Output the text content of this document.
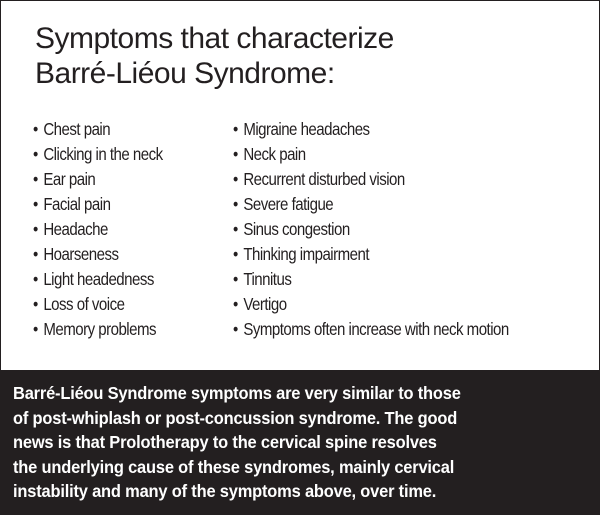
Symptoms that characterize
Barré-Liéou Syndrome:
• Chest pain
• Clicking in the neck
• Ear pain
• Facial pain
• Headache
• Hoarseness
• Light headedness
• Loss of voice
• Memory problems
• Migraine headaches
• Neck pain
• Recurrent disturbed vision
• Severe fatigue
• Sinus congestion
• Thinking impairment
• Tinnitus
• Vertigo
• Symptoms often increase with neck motion

Barré-Liéou Syndrome symptoms are very similar to those
of post-whiplash or post-concussion syndrome. The good
news is that Prolotherapy to the cervical spine resolves
the underlying cause of these syndromes, mainly cervical
instability and many of the symptoms above, over time.
